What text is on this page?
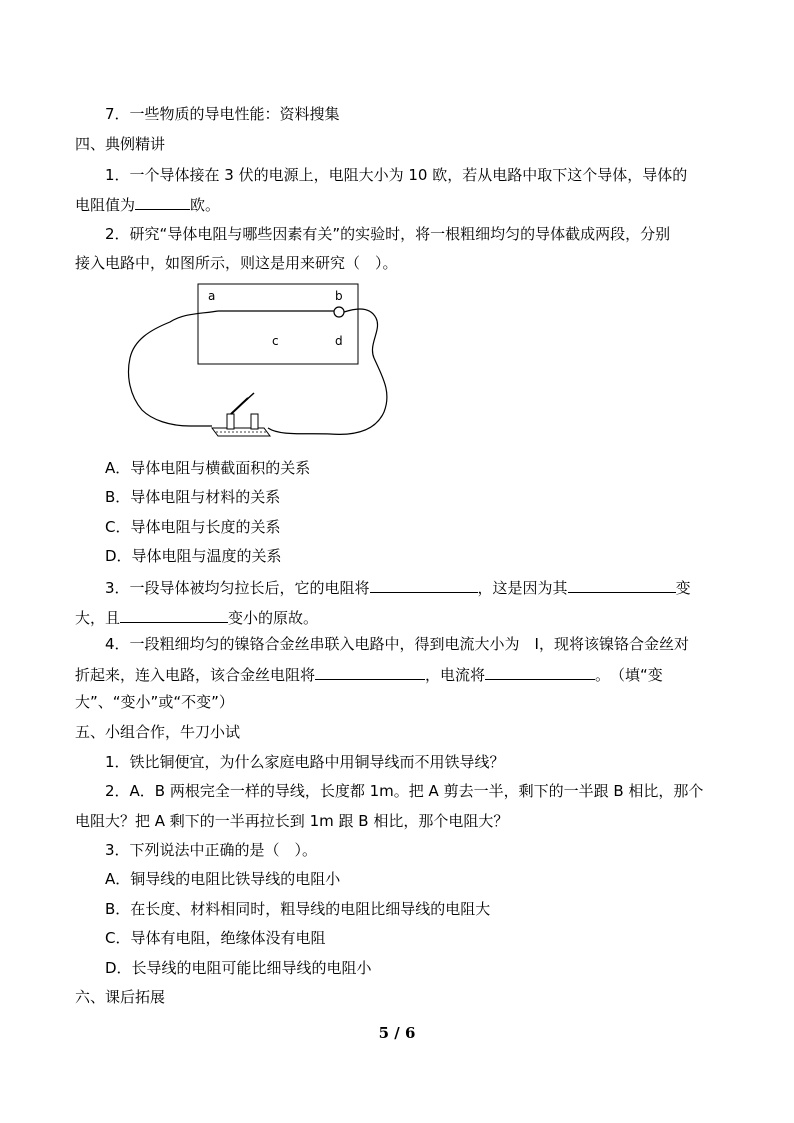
7．一些物质的导电性能：资料搜集
四、典例精讲
1．一个导体接在 3 伏的电源上，电阻大小为 10 欧，若从电路中取下这个导体，导体的
电阻值为	欧。
2．研究“导体电阻与哪些因素有关”的实验时，将一根粗细均匀的导体截成两段，分别
接入电路中，如图所示，则这是用来研究（　）。
a	b
c	d
A．导体电阻与横截面积的关系
B．导体电阻与材料的关系
C．导体电阻与长度的关系
D．导体电阻与温度的关系
3．一段导体被均匀拉长后，它的电阻将	，这是因为其	变
大，且	变小的原故。
4．一段粗细均匀的镍铬合金丝串联入电路中，得到电流大小为　I，现将该镍铬合金丝对
折起来，连入电路，该合金丝电阻将	，电流将	。　（填“变
大”、“变小”或“不变”）
五、小组合作，牛刀小试
1．铁比铜便宜，为什么家庭电路中用铜导线而不用铁导线？
2．A．B 两根完全一样的导线，长度都 1m。把 A 剪去一半，剩下的一半跟 B 相比，那个
电阻大？把 A 剩下的一半再拉长到 1m 跟 B 相比，那个电阻大？
3．下列说法中正确的是（　）。
A．铜导线的电阻比铁导线的电阻小
B．在长度、材料相同时，粗导线的电阻比细导线的电阻大
C．导体有电阻，绝缘体没有电阻
D．长导线的电阻可能比细导线的电阻小
六、课后拓展
5 / 6
